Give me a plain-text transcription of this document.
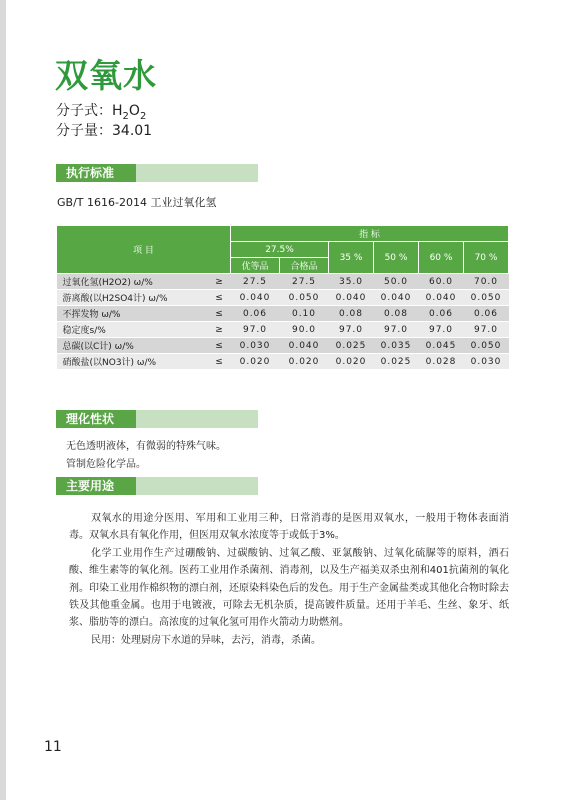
双氧水
分子式：$H_2O_2$
分子量：34.01
执行标准
GB/T 1616-2014 工业过氧化氢
项 目		指 标					
		27.5%		35 %	50 %	60 %	70 %
		优等品	合格品				
过氧化氢(H2O2) ω/%	≥	27.5	27.5	35.0	50.0	60.0	70.0
游离酸(以H2SO4计) ω/%	≤	0.040	0.050	0.040	0.040	0.040	0.050
不挥发物 ω/%	≤	0.06	0.10	0.08	0.08	0.06	0.06
稳定度s/%	≥	97.0	90.0	97.0	97.0	97.0	97.0
总碳(以C计) ω/%	≤	0.030	0.040	0.025	0.035	0.045	0.050
硝酸盐(以NO3计) ω/%	≤	0.020	0.020	0.020	0.025	0.028	0.030
理化性状
无色透明液体，有微弱的特殊气味。
管制危险化学品。
主要用途

双氧水的用途分医用、军用和工业用三种，日常消毒的是医用双氧水，一般用于物体表面消毒。双氧水具有氧化作用，但医用双氧水浓度等于或低于3%。

化学工业用作生产过硼酸钠、过碳酸钠、过氧乙酸、亚氯酸钠、过氧化硫脲等的原料，酒石酸、维生素等的氧化剂。医药工业用作杀菌剂、消毒剂，以及生产福美双杀虫剂和401抗菌剂的氧化剂。印染工业用作棉织物的漂白剂，还原染料染色后的发色。用于生产金属盐类或其他化合物时除去铁及其他重金属。也用于电镀液，可除去无机杂质，提高镀件质量。还用于羊毛、生丝、象牙、纸浆、脂肪等的漂白。高浓度的过氧化氢可用作火箭动力助燃剂。

民用：处理厨房下水道的异味，去污，消毒，杀菌。

11
